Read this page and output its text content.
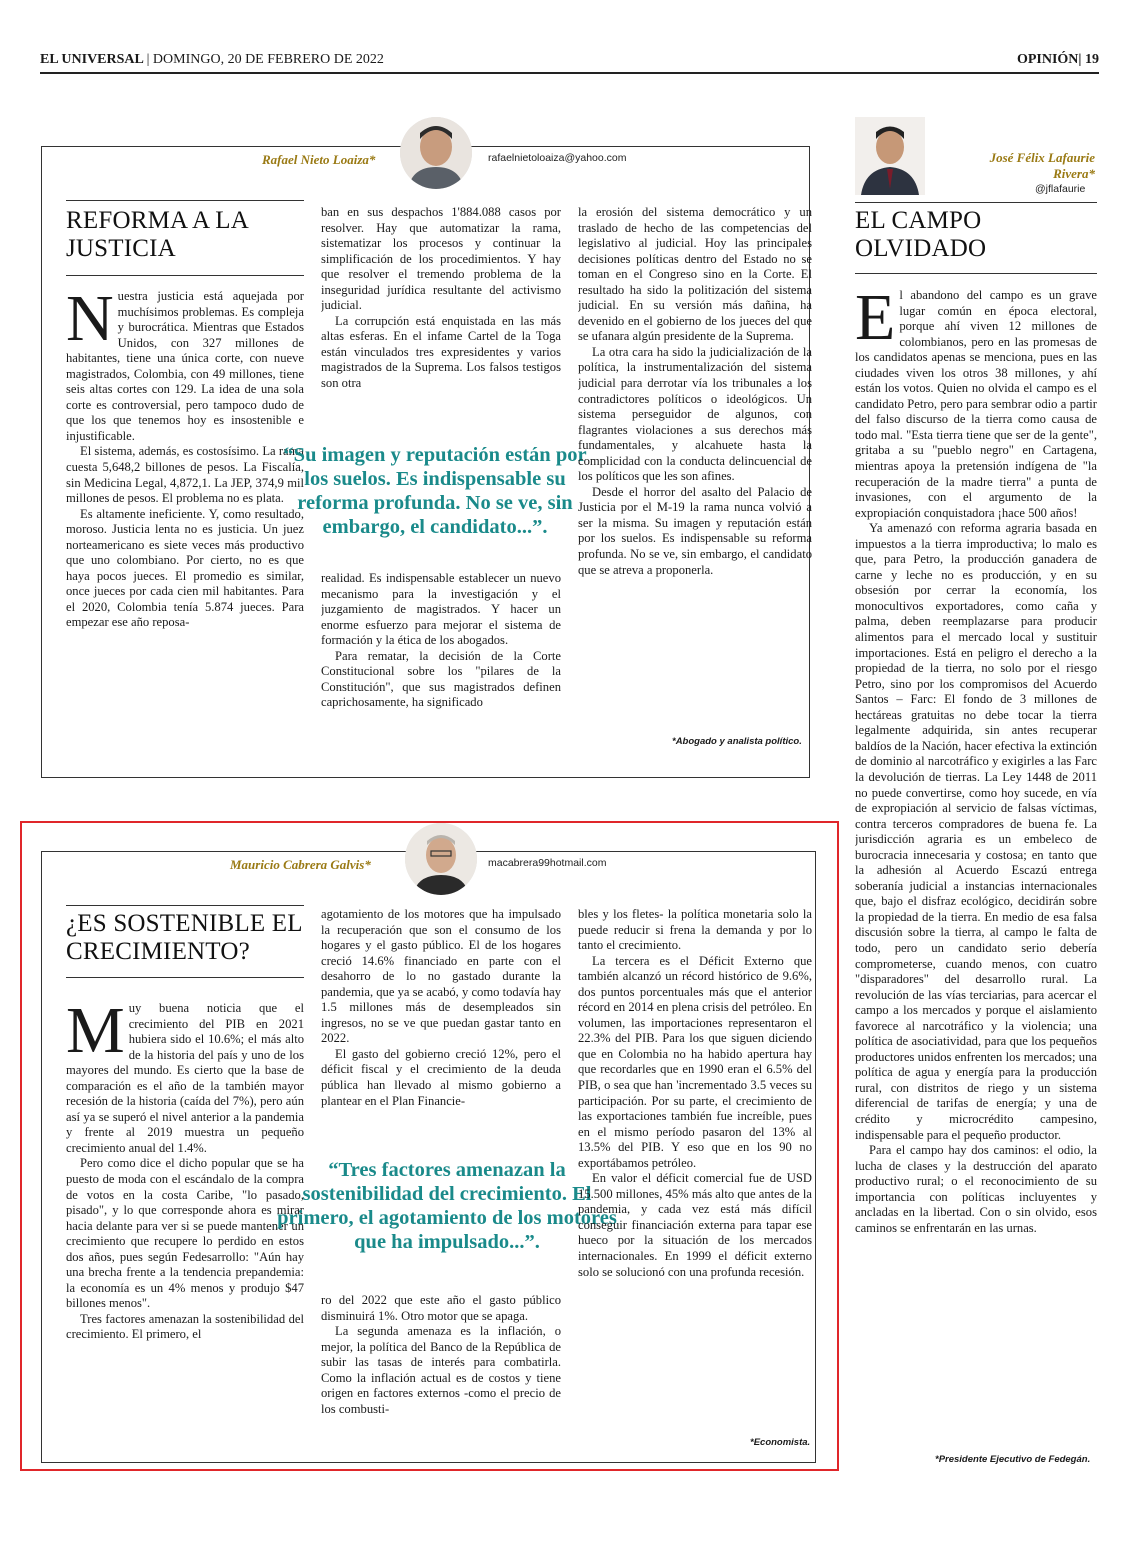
EL UNIVERSAL | DOMINGO, 20 DE FEBRERO DE 2022	OPINIÓN| 19
Rafael Nieto Loaiza*	rafaelnietoloaiza@yahoo.com
REFORMA A LA JUSTICIA
N uestra justicia está aquejada por muchísimos problemas. Es compleja y burocrática. Mientras que Estados Unidos, con 327 millones de habitantes, tiene una única corte, con nueve magistrados, Colombia, con 49 millones, tiene seis altas cortes con 129. La idea de una sola corte es controversial, pero tampoco dudo de que los que tenemos hoy es insostenible e injustificable.

El sistema, además, es costosísimo. La rama cuesta 5,648,2 billones de pesos. La Fiscalía, sin Medicina Legal, 4,872,1. La JEP, 374,9 mil millones de pesos. El problema no es plata.

Es altamente ineficiente. Y, como resultado, moroso. Justicia lenta no es justicia. Un juez norteamericano es siete veces más productivo que uno colombiano. Por cierto, no es que haya pocos jueces. El promedio es similar, once jueces por cada cien mil habitantes. Para el 2020, Colombia tenía 5.874 jueces. Para empezar ese año reposa-

ban en sus despachos 1'884.088 casos por resolver. Hay que automatizar la rama, sistematizar los procesos y continuar la simplificación de los procedimientos. Y hay que resolver el tremendo problema de la inseguridad jurídica resultante del activismo judicial.

La corrupción está enquistada en las más altas esferas. En el infame Cartel de la Toga están vinculados tres expresidentes y varios magistrados de la Suprema. Los falsos testigos son otra

“Su imagen y reputación están por los suelos. Es indispensable su reforma profunda. No se ve, sin embargo, el candidato...”.

realidad. Es indispensable establecer un nuevo mecanismo para la investigación y el juzgamiento de magistrados. Y hacer un enorme esfuerzo para mejorar el sistema de formación y la ética de los abogados.

Para rematar, la decisión de la Corte Constitucional sobre los "pilares de la Constitución", que sus magistrados definen caprichosamente, ha significado

la erosión del sistema democrático y un traslado de hecho de las competencias del legislativo al judicial. Hoy las principales decisiones políticas dentro del Estado no se toman en el Congreso sino en la Corte. El resultado ha sido la politización del sistema judicial. En su versión más dañina, ha devenido en el gobierno de los jueces del que se ufanara algún presidente de la Suprema.

La otra cara ha sido la judicialización de la política, la instrumentalización del sistema judicial para derrotar vía los tribunales a los contradictores políticos o ideológicos. Un sistema perseguidor de algunos, con flagrantes violaciones a sus derechos más fundamentales, y alcahuete hasta la complicidad con la conducta delincuencial de los políticos que les son afines.

Desde el horror del asalto del Palacio de Justicia por el M-19 la rama nunca volvió a ser la misma. Su imagen y reputación están por los suelos. Es indispensable su reforma profunda. No se ve, sin embargo, el candidato que se atreva a proponerla.

*Abogado y analista político.
Mauricio Cabrera Galvis*	macabrera99hotmail.com
¿ES SOSTENIBLE EL CRECIMIENTO?
M uy buena noticia que el crecimiento del PIB en 2021 hubiera sido el 10.6%; el más alto de la historia del país y uno de los mayores del mundo. Es cierto que la base de comparación es el año de la también mayor recesión de la historia (caída del 7%), pero aún así ya se superó el nivel anterior a la pandemia y frente al 2019 muestra un pequeño crecimiento anual del 1.4%.

Pero como dice el dicho popular que se ha puesto de moda con el escándalo de la compra de votos en la costa Caribe, "lo pasado, pisado", y lo que corresponde ahora es mirar hacia delante para ver si se puede mantener un crecimiento que recupere lo perdido en estos dos años, pues según Fedesarrollo: "Aún hay una brecha frente a la tendencia prepandemia: la economía es un 4% menos y produjo $47 billones menos".

Tres factores amenazan la sostenibilidad del crecimiento. El primero, el

agotamiento de los motores que ha impulsado la recuperación que son el consumo de los hogares y el gasto público. El de los hogares creció 14.6% financiado en parte con el desahorro de lo no gastado durante la pandemia, que ya se acabó, y como todavía hay 1.5 millones más de desempleados sin ingresos, no se ve que puedan gastar tanto en 2022.

El gasto del gobierno creció 12%, pero el déficit fiscal y el crecimiento de la deuda pública han llevado al mismo gobierno a plantear en el Plan Financie-

“Tres factores amenazan la sostenibilidad del crecimiento. El primero, el agotamiento de los motores que ha impulsado...”.

ro del 2022 que este año el gasto público disminuirá 1%. Otro motor que se apaga.

La segunda amenaza es la inflación, o mejor, la política del Banco de la República de subir las tasas de interés para combatirla. Como la inflación actual es de costos y tiene origen en factores externos -como el precio de los combusti-

bles y los fletes- la política monetaria solo la puede reducir si frena la demanda y por lo tanto el crecimiento.

La tercera es el Déficit Externo que también alcanzó un récord histórico de 9.6%, dos puntos porcentuales más que el anterior récord en 2014 en plena crisis del petróleo. En volumen, las importaciones representaron el 22.3% del PIB. Para los que siguen diciendo que en Colombia no ha habido apertura hay que recordarles que en 1990 eran el 6.5% del PIB, o sea que han 'incrementado 3.5 veces su participación. Por su parte, el crecimiento de las exportaciones también fue increíble, pues en el mismo período pasaron del 13% al 13.5% del PIB. Y eso que en los 90 no exportábamos petróleo.

En valor el déficit comercial fue de USD 15.500 millones, 45% más alto que antes de la pandemia, y cada vez está más difícil conseguir financiación externa para tapar ese hueco por la situación de los mercados internacionales. En 1999 el déficit externo solo se solucionó con una profunda recesión.

*Economista.
José Félix Lafaurie Rivera*
@jflafaurie
EL CAMPO OLVIDADO
E l abandono del campo es un grave lugar común en época electoral, porque ahí viven 12 millones de colombianos, pero en las promesas de los candidatos apenas se menciona, pues en las ciudades viven los otros 38 millones, y ahí están los votos. Quien no olvida el campo es el candidato Petro, pero para sembrar odio a partir del falso discurso de la tierra como causa de todo mal. "Esta tierra tiene que ser de la gente", gritaba a su "pueblo negro" en Cartagena, mientras apoya la pretensión indígena de "la recuperación de la madre tierra" a punta de invasiones, con el argumento de la expropiación conquistadora ¡hace 500 años!

Ya amenazó con reforma agraria basada en impuestos a la tierra improductiva; lo malo es que, para Petro, la producción ganadera de carne y leche no es producción, y en su obsesión por cerrar la economía, los monocultivos exportadores, como caña y palma, deben reemplazarse para producir alimentos para el mercado local y sustituir importaciones. Está en peligro el derecho a la propiedad de la tierra, no solo por el riesgo Petro, sino por los compromisos del Acuerdo Santos – Farc: El fondo de 3 millones de hectáreas gratuitas no debe tocar la tierra legalmente adquirida, sin antes recuperar baldíos de la Nación, hacer efectiva la extinción de dominio al narcotráfico y exigirles a las Farc la devolución de tierras. La Ley 1448 de 2011 no puede convertirse, como hoy sucede, en vía de expropiación al servicio de falsas víctimas, contra terceros compradores de buena fe. La jurisdicción agraria es un embeleco de burocracia innecesaria y costosa; en tanto que la adhesión al Acuerdo Escazú entrega soberanía judicial a instancias internacionales que, bajo el disfraz ecológico, decidirán sobre la propiedad de la tierra. En medio de esa falsa discusión sobre la tierra, al campo le falta de todo, pero un candidato serio debería comprometerse, cuando menos, con cuatro "disparadores" del desarrollo rural. La revolución de las vías terciarias, para acercar el campo a los mercados y porque el aislamiento favorece al narcotráfico y la violencia; una política de asociatividad, para que los pequeños productores unidos enfrenten los mercados; una política de agua y energía para la producción rural, con distritos de riego y un sistema diferencial de tarifas de energía; y una de crédito y microcrédito campesino, indispensable para el pequeño productor.

Para el campo hay dos caminos: el odio, la lucha de clases y la destrucción del aparato productivo rural; o el reconocimiento de su importancia con políticas incluyentes y ancladas en la libertad. Con o sin olvido, esos caminos se enfrentarán en las urnas.

*Presidente Ejecutivo de Fedegán.
